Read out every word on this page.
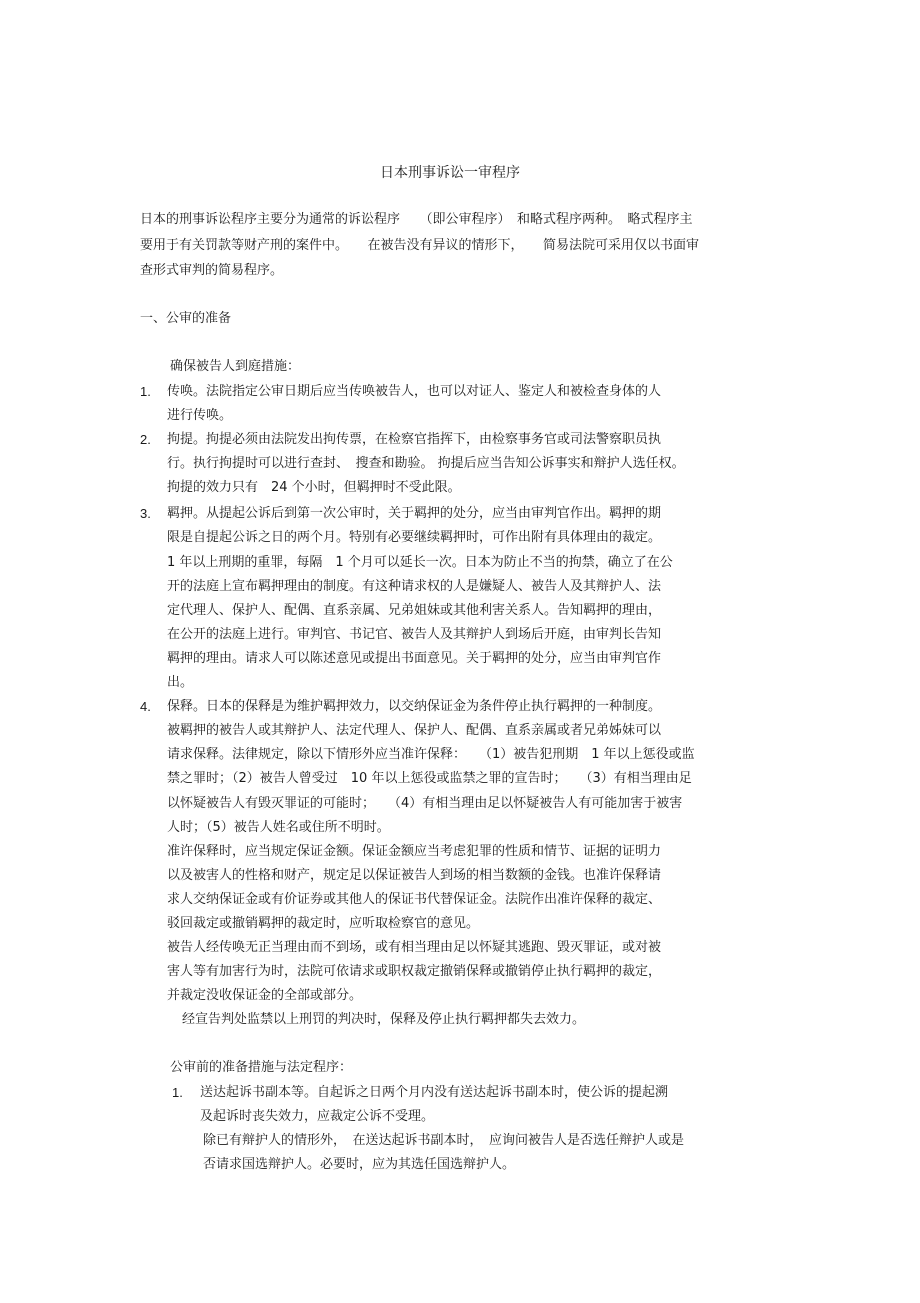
日本刑事诉讼一审程序
日本的刑事诉讼程序主要分为通常的诉讼程序　　（即公审程序）　和略式程序两种。　略式程序主
要用于有关罚款等财产刑的案件中。　　在被告没有异议的情形下，　　简易法院可采用仅以书面审
查形式审判的简易程序。
一、公审的准备
确保被告人到庭措施：
1. 传唤。法院指定公审日期后应当传唤被告人，也可以对证人、鉴定人和被检查身体的人
进行传唤。
2. 拘提。拘提必须由法院发出拘传票，在检察官指挥下，由检察事务官或司法警察职员执
行。执行拘提时可以进行查封、　搜查和勘验。 拘提后应当告知公诉事实和辩护人选任权。
拘提的效力只有　24 个小时，但羁押时不受此限。
3. 羁押。从提起公诉后到第一次公审时，关于羁押的处分，应当由审判官作出。羁押的期
限是自提起公诉之日的两个月。特别有必要继续羁押时，可作出附有具体理由的裁定。
1 年以上刑期的重罪，每隔　1 个月可以延长一次。日本为防止不当的拘禁，确立了在公
开的法庭上宣布羁押理由的制度。有这种请求权的人是嫌疑人、被告人及其辩护人、法
定代理人、保护人、配偶、直系亲属、兄弟姐妹或其他利害关系人。告知羁押的理由，
在公开的法庭上进行。审判官、书记官、被告人及其辩护人到场后开庭，由审判长告知
羁押的理由。请求人可以陈述意见或提出书面意见。关于羁押的处分，应当由审判官作
出。
4. 保释。日本的保释是为维护羁押效力，以交纳保证金为条件停止执行羁押的一种制度。
被羁押的被告人或其辩护人、法定代理人、保护人、配偶、直系亲属或者兄弟姊妹可以
请求保释。法律规定，除以下情形外应当准许保释：　　（1）被告犯刑期　1 年以上惩役或监
禁之罪时；（2）被告人曾受过　10 年以上惩役或监禁之罪的宣告时；　　（3）有相当理由足
以怀疑被告人有毁灭罪证的可能时；　　（4）有相当理由足以怀疑被告人有可能加害于被害
人时；（5）被告人姓名或住所不明时。
准许保释时，应当规定保证金额。保证金额应当考虑犯罪的性质和情节、证据的证明力
以及被害人的性格和财产，规定足以保证被告人到场的相当数额的金钱。也准许保释请
求人交纳保证金或有价证券或其他人的保证书代替保证金。法院作出准许保释的裁定、
驳回裁定或撤销羁押的裁定时，应听取检察官的意见。
被告人经传唤无正当理由而不到场，或有相当理由足以怀疑其逃跑、毁灭罪证，或对被
害人等有加害行为时，法院可依请求或职权裁定撤销保释或撤销停止执行羁押的裁定，
并裁定没收保证金的全部或部分。
经宣告判处监禁以上刑罚的判决时，保释及停止执行羁押都失去效力。
公审前的准备措施与法定程序：
1. 送达起诉书副本等。自起诉之日两个月内没有送达起诉书副本时，使公诉的提起溯
及起诉时丧失效力，应裁定公诉不受理。
除已有辩护人的情形外，　在送达起诉书副本时，　应询问被告人是否选任辩护人或是
否请求国选辩护人。必要时，应为其选任国选辩护人。
